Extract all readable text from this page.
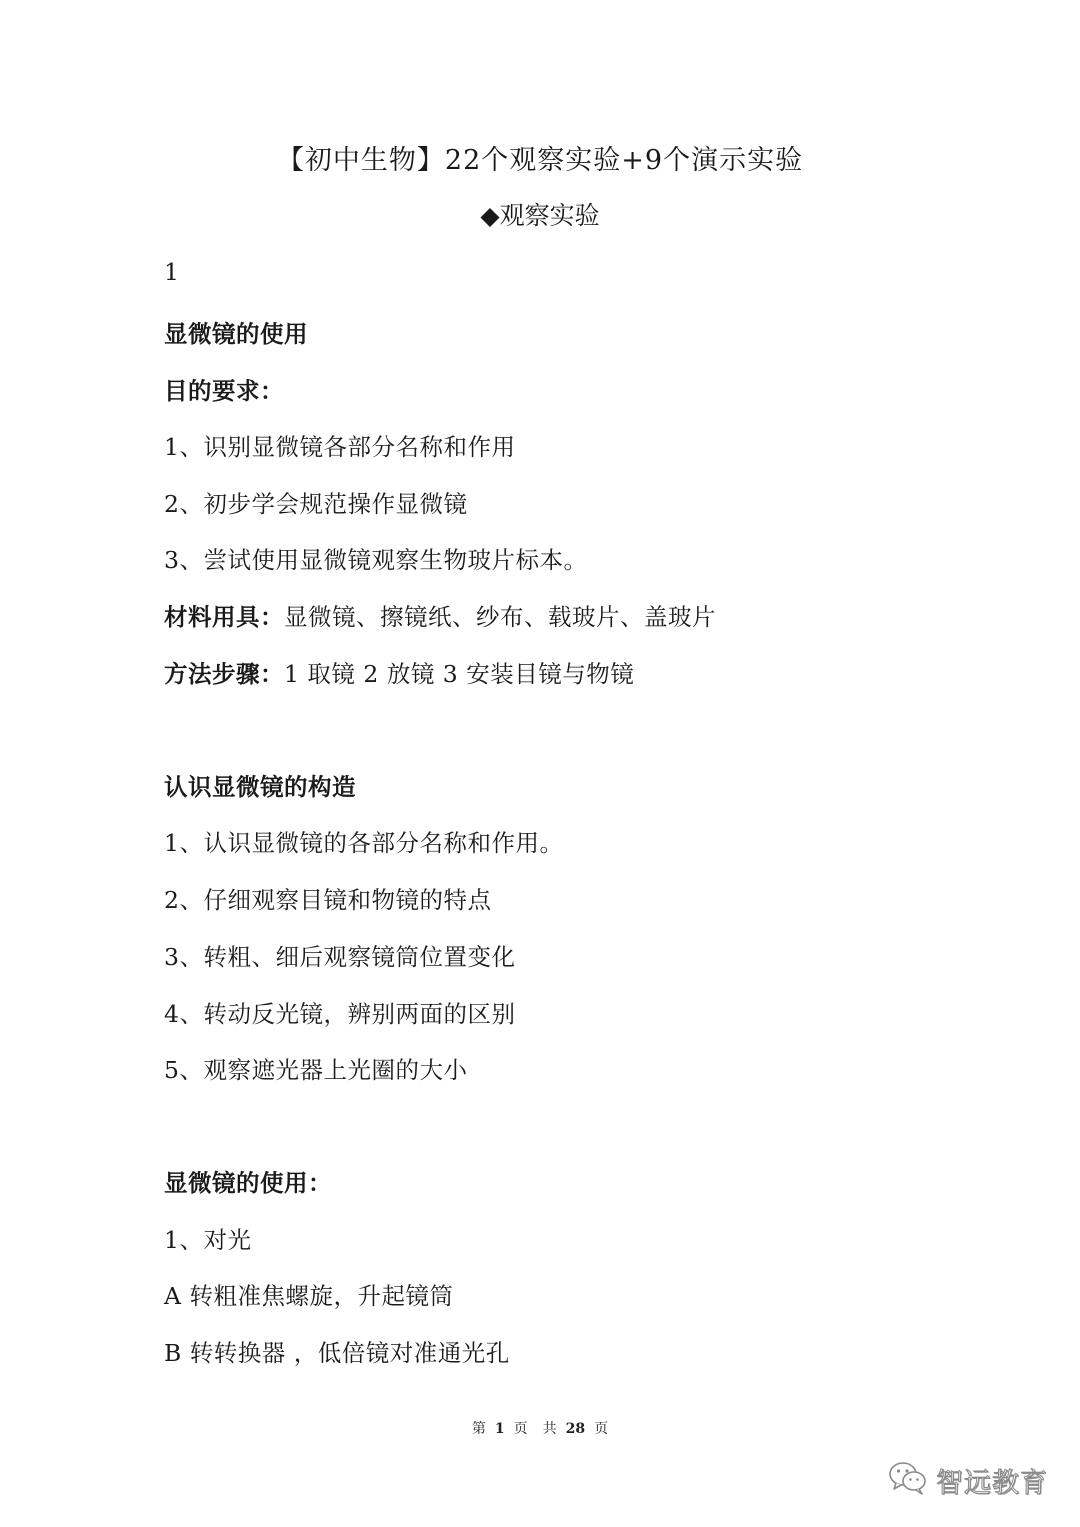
【初中生物】22个观察实验+9个演示实验
◆观察实验
1
显微镜的使用
目的要求：
1、识别显微镜各部分名称和作用
2、初步学会规范操作显微镜
3、尝试使用显微镜观察生物玻片标本。
材料用具：显微镜、擦镜纸、纱布、载玻片、盖玻片
方法步骤：1 取镜 2 放镜 3 安装目镜与物镜
认识显微镜的构造
1、认识显微镜的各部分名称和作用。
2、仔细观察目镜和物镜的特点
3、转粗、细后观察镜筒位置变化
4、转动反光镜，辨别两面的区别
5、观察遮光器上光圈的大小
显微镜的使用：
1、对光
A 转粗准焦螺旋，升起镜筒
B 转转换器 ，低倍镜对准通光孔
第 1 页 共 28 页
智远教育
